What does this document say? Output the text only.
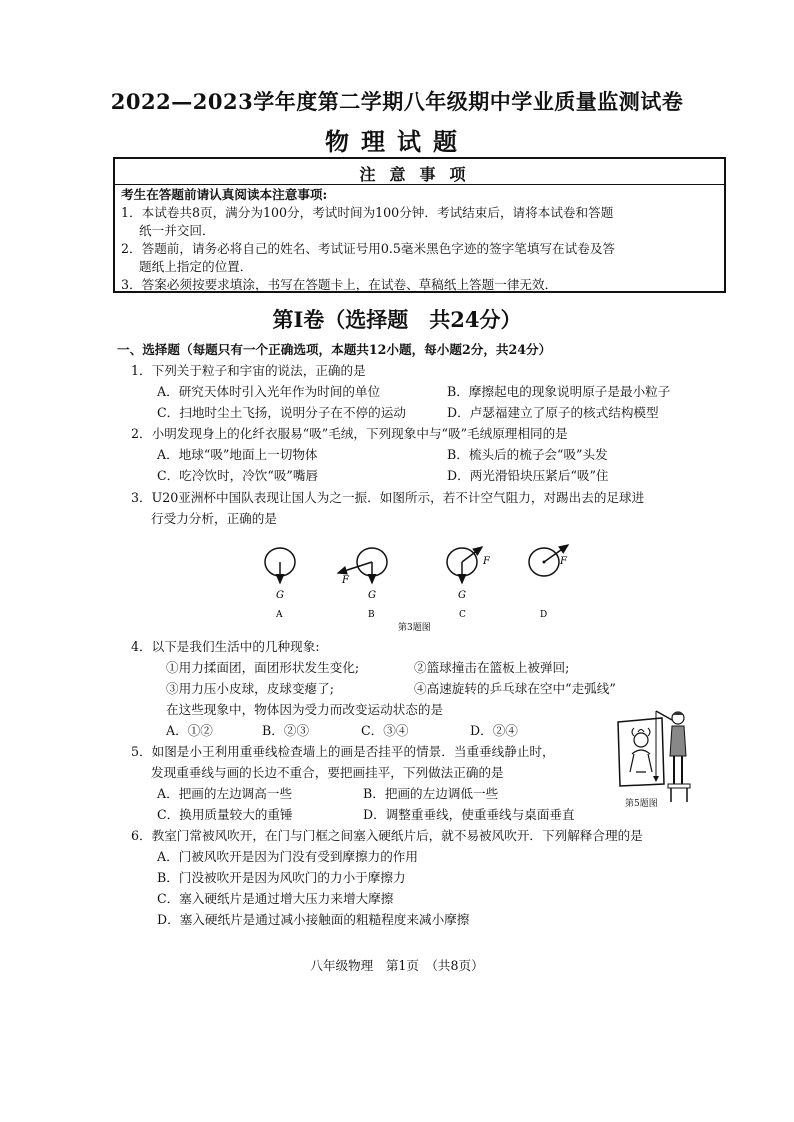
2022—2023学年度第二学期八年级期中学业质量监测试卷
物理试题
注意事项
考生在答题前请认真阅读本注意事项:
1．本试卷共8页，满分为100分，考试时间为100分钟．考试结束后，请将本试卷和答题
纸一并交回．
2．答题前，请务必将自己的姓名、考试证号用0.5毫米黑色字迹的签字笔填写在试卷及答
题纸上指定的位置．
3．答案必须按要求填涂，书写在答题卡上，在试卷、草稿纸上答题一律无效．
第Ⅰ卷（选择题　共24分）
一、选择题（每题只有一个正确选项，本题共12小题，每小题2分，共24分）
1．下列关于粒子和宇宙的说法，正确的是
A．研究天体时引入光年作为时间的单位	B．摩擦起电的现象说明原子是最小粒子
C．扫地时尘土飞扬，说明分子在不停的运动	D．卢瑟福建立了原子的核式结构模型
2．小明发现身上的化纤衣服易“吸”毛绒，下列现象中与“吸”毛绒原理相同的是
A．地球“吸”地面上一切物体	B．梳头后的梳子会“吸”头发
C．吃冷饮时，冷饮“吸”嘴唇	D．两光滑铅块压紧后“吸”住
3．U20亚洲杯中国队表现让国人为之一振．如图所示，若不计空气阻力，对踢出去的足球进
行受力分析，正确的是
G
A
F
G
B
F
G
C
F
D
第3题图
4．以下是我们生活中的几种现象:
①用力揉面团，面团形状发生变化;	②篮球撞击在篮板上被弹回;
③用力压小皮球，皮球变瘪了;	④高速旋转的乒乓球在空中“走弧线”
在这些现象中，物体因为受力而改变运动状态的是
A．①②	B．②③	C．③④	D．②④
第5题图
5．如图是小王利用重垂线检查墙上的画是否挂平的情景．当重垂线静止时，
发现重垂线与画的长边不重合，要把画挂平，下列做法正确的是
A．把画的左边调高一些	B．把画的左边调低一些
C．换用质量较大的重锤	D．调整重垂线，使重垂线与桌面垂直
6．教室门常被风吹开，在门与门框之间塞入硬纸片后，就不易被风吹开．下列解释合理的是
A．门被风吹开是因为门没有受到摩擦力的作用
B．门没被吹开是因为风吹门的力小于摩擦力
C．塞入硬纸片是通过增大压力来增大摩擦
D．塞入硬纸片是通过减小接触面的粗糙程度来减小摩擦
八年级物理　第1页　（共8页）
